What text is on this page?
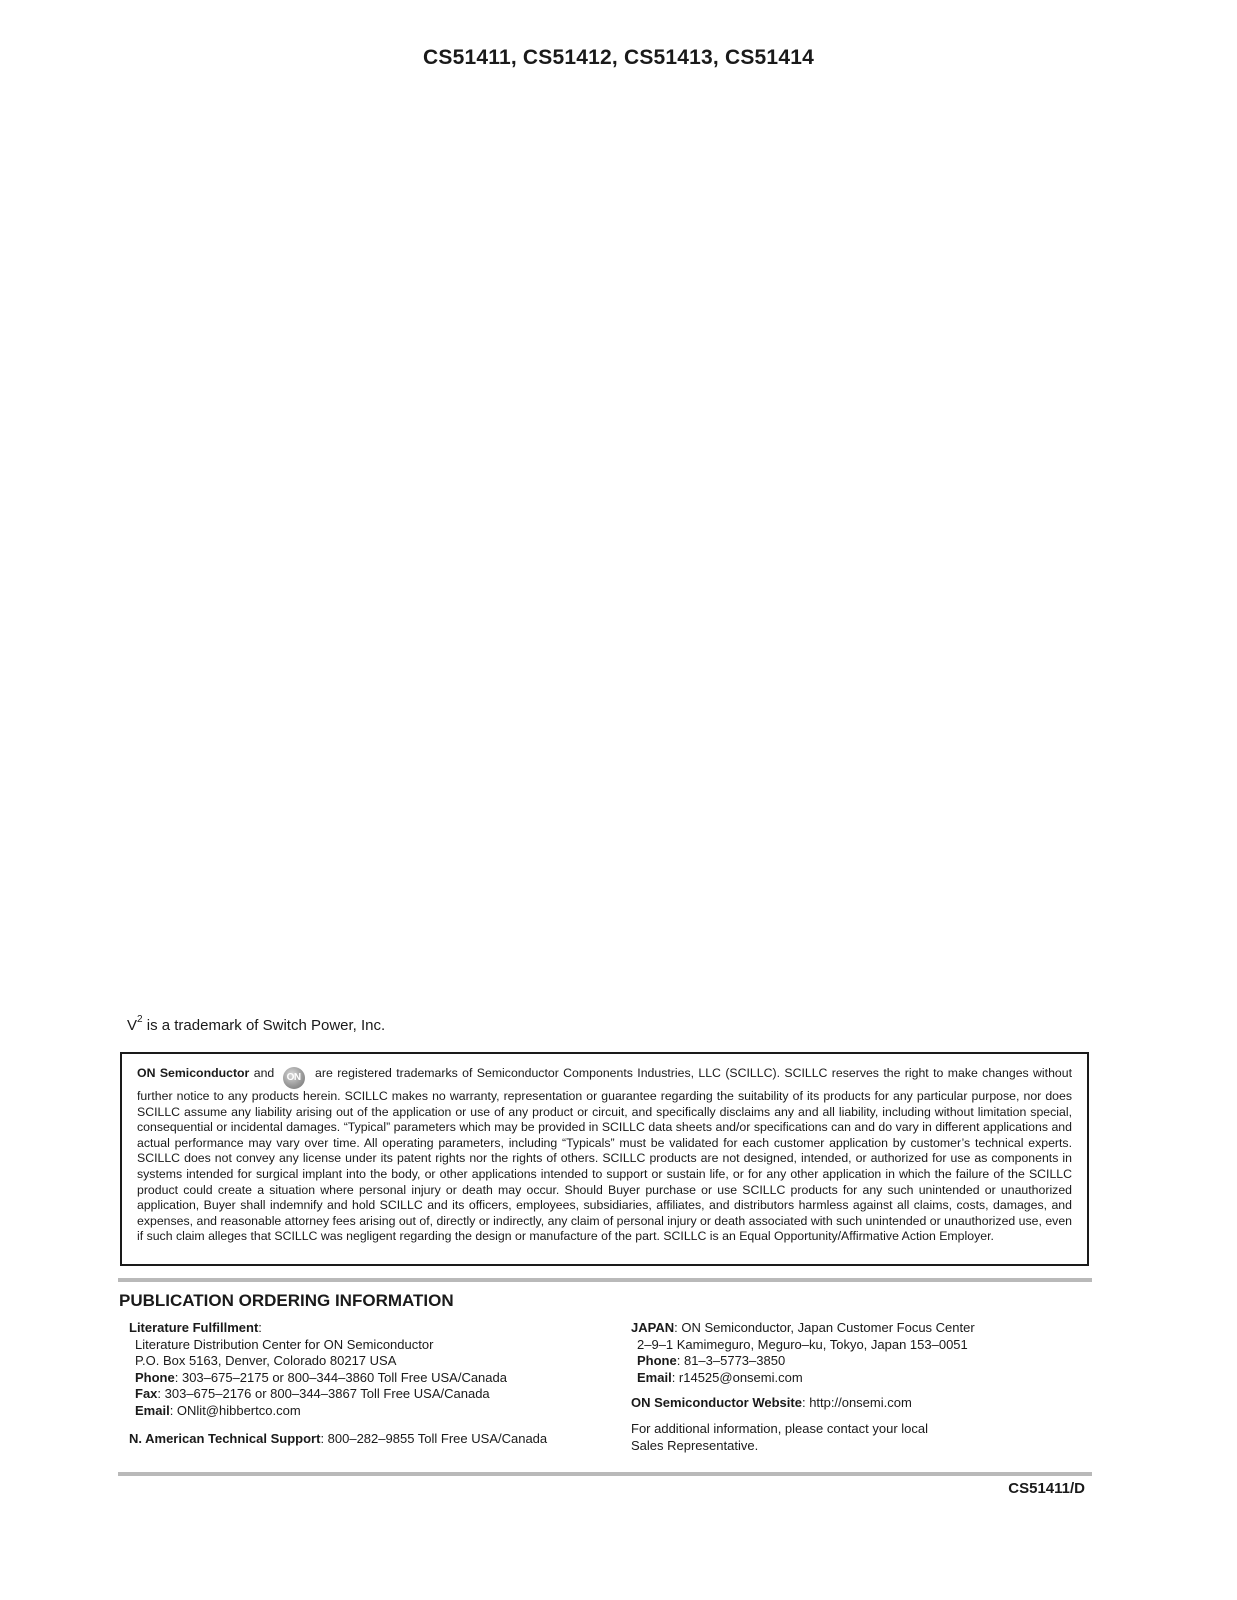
CS51411, CS51412, CS51413, CS51414
$V^2$ is a trademark of Switch Power, Inc.
ON Semiconductor and ON are registered trademarks of Semiconductor Components Industries, LLC (SCILLC). SCILLC reserves the right to make changes without further notice to any products herein. SCILLC makes no warranty, representation or guarantee regarding the suitability of its products for any particular purpose, nor does SCILLC assume any liability arising out of the application or use of any product or circuit, and specifically disclaims any and all liability, including without limitation special, consequential or incidental damages. “Typical” parameters which may be provided in SCILLC data sheets and/or specifications can and do vary in different applications and actual performance may vary over time. All operating parameters, including “Typicals” must be validated for each customer application by customer’s technical experts. SCILLC does not convey any license under its patent rights nor the rights of others. SCILLC products are not designed, intended, or authorized for use as components in systems intended for surgical implant into the body, or other applications intended to support or sustain life, or for any other application in which the failure of the SCILLC product could create a situation where personal injury or death may occur. Should Buyer purchase or use SCILLC products for any such unintended or unauthorized application, Buyer shall indemnify and hold SCILLC and its officers, employees, subsidiaries, affiliates, and distributors harmless against all claims, costs, damages, and expenses, and reasonable attorney fees arising out of, directly or indirectly, any claim of personal injury or death associated with such unintended or unauthorized use, even if such claim alleges that SCILLC was negligent regarding the design or manufacture of the part. SCILLC is an Equal Opportunity/Affirmative Action Employer.
PUBLICATION ORDERING INFORMATION
Literature Fulfillment:
Literature Distribution Center for ON Semiconductor
P.O. Box 5163, Denver, Colorado 80217 USA
Phone: 303–675–2175 or 800–344–3860 Toll Free USA/Canada
Fax: 303–675–2176 or 800–344–3867 Toll Free USA/Canada
Email: ONlit@hibbertco.com
N. American Technical Support: 800–282–9855 Toll Free USA/Canada
JAPAN: ON Semiconductor, Japan Customer Focus Center
2–9–1 Kamimeguro, Meguro–ku, Tokyo, Japan 153–0051
Phone: 81–3–5773–3850
Email: r14525@onsemi.com
ON Semiconductor Website: http://onsemi.com
For additional information, please contact your local
Sales Representative.
CS51411/D
